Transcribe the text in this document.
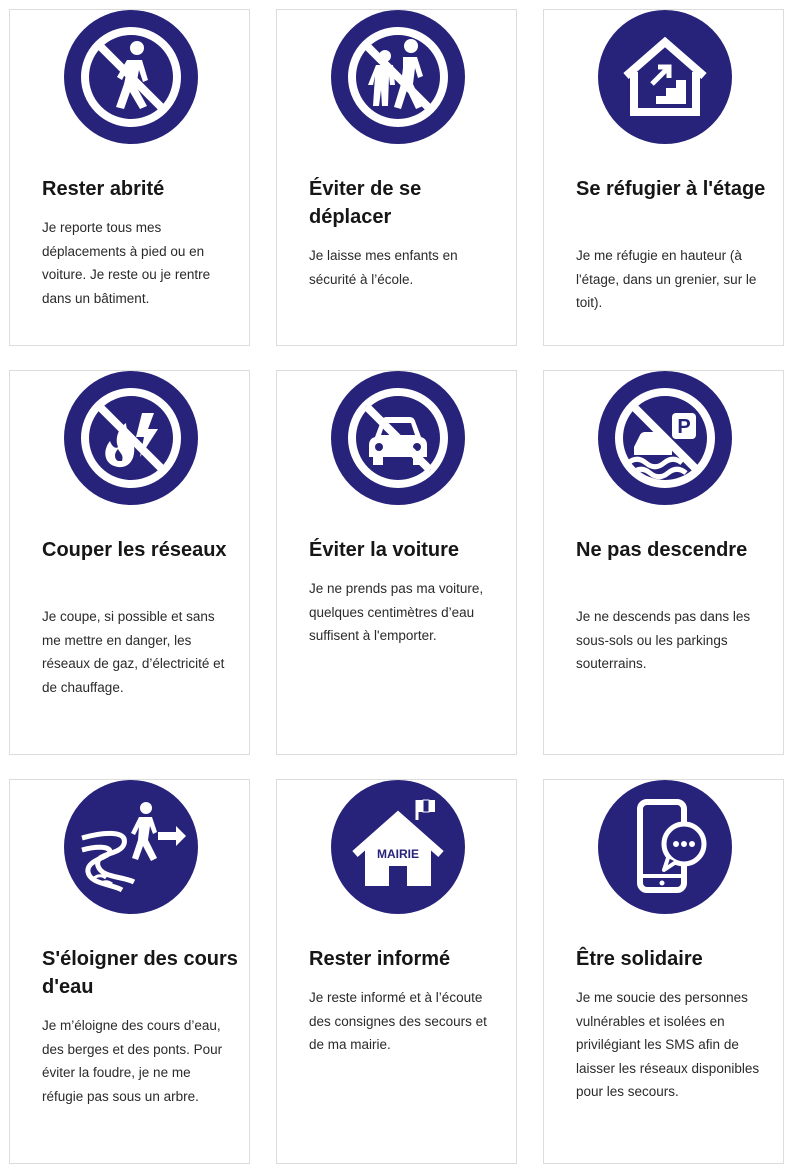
Rester abrité

Je reporte tous mes déplacements à pied ou en voiture. Je reste ou je rentre dans un bâtiment.

Éviter de se déplacer

Je laisse mes enfants en sécurité à l’école.

Se réfugier à l'étage

Je me réfugie en hauteur (à l'étage, dans un grenier, sur le toit).

Couper les réseaux

Je coupe, si possible et sans me mettre en danger, les réseaux de gaz, d’électricité et de chauffage.

Éviter la voiture

Je ne prends pas ma voiture, quelques centimètres d’eau suffisent à l'emporter.

P
Ne pas descendre

Je ne descends pas dans les sous-sols ou les parkings souterrains.

S'éloigner des cours d'eau

Je m’éloigne des cours d’eau, des berges et des ponts. Pour éviter la foudre, je ne me réfugie pas sous un arbre.

MAIRIE
Rester informé

Je reste informé et à l’écoute des consignes des secours et de ma mairie.

Être solidaire

Je me soucie des personnes vulnérables et isolées en privilégiant les SMS afin de laisser les réseaux disponibles pour les secours.
